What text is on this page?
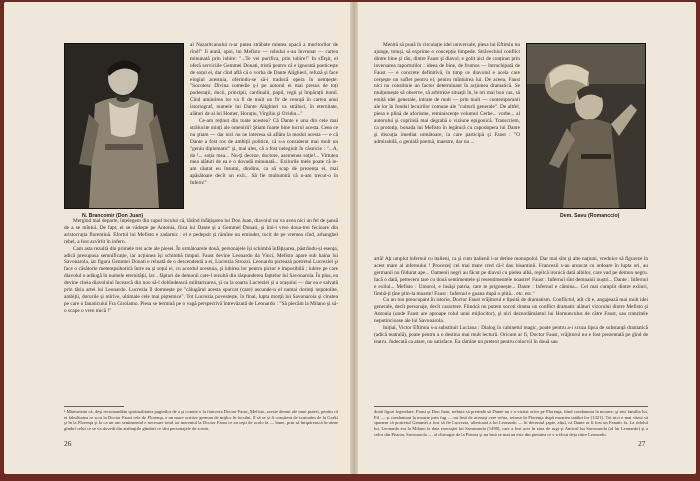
N. Brancomir (Don Juan)

al Nazaritcanului n-ar putea străbate mintea opacă a muritorilor de rînd!" Ii arată, apoi, lui Mefisto — robului s-au învrunat — cartea minunată prin iubire: "...Te vei purifica, prin iubire!" In sfîrşit, el oferă serviciile Gemmei Donati, tristă pentru că e ignorată poeticește de soțul ei, dar cînd află că o vorba de Dante Alighieri, refuză şi face elogiul acestuia, oferindu-se să-i traducă opera în nemțește: "Socotesc Divina comedie ş-i pe autorul ei mai presus de toți podestații, ducii, principii, cardinalii, papii, regii şi împărații lumii. Cînd amintirea lor va fi de mult un fir de cenușă în cartea unui istoriograf, numele lui Dante Alighieri va străluci, în eternitate, alături de al lui Homer, Horațiu, Virgiliu şi Ovidiu..."

Ce-am reținut din toate acestea? Că Dante e una din cele mai strălucite minți ale omenirii? Ştiam foarte bine lucrul acesta. Ceea ce nu ştiam — dar nici nu ne interesa să aflăm la modul acesta — e că Dante a fost ros de ambiții politice, că s-a considerat mai mult un "geniu diplomatic" şi, mai ales, că a fost nelegiuit în căsnicie : "...A, da !... soţia mea... Nu-ţi deceze, doctore, asemenea soţie!... Virtutea mea alături de ea e o dovadă minunată... Exilurile mele poate că le-am căutat eu însumi, dindins, ca să scap de prezența ei, mai apăsătoare decît un exil... Să fie multumită că n-am trecut-o în Infern!"

Merglnd mai departe, înțelegem din capul locului că, lăsînd înfățișarea lui Don Juan, diavolul nu va avea nici un fel de şansă de a se mîntui. De fapt, el se vădește pe Antonia, fiica lui Dante şi a Gemmei Donati, şi îmi-i vreo doua-trei fecioare din aristocrația florentină. Efortul lui Mefisto e zadarnic : el e pedepsit şi rămîne un eminder, tocit de pe vremea cînd, arhanghel rebel, a fost azvîrlit în infern.

Cam asta rezultă din primele trei acte ale piesei. În următoarele două, personajele își schimbă înfățișarea, păstrîndu-și esența, adică presupusa semnificație, iar acțiunea își schimbă timpul. Faust devine Leonardo da Vinci, Mefisto apare sub haina lui Savonarola, iar figura Gemmei Donati e reluată de o descendentă a ei, Lucrezia Strozzi. Leonardo pictează portretul Lucreziei şi face o căsătorie metempsihotică între ea şi soțul ei, cu acordul acestuia, şi iubirea lor pentru pictor e imposibilă ; iubire pe care diavolul o adăugă în numele eternității, iar... făpturi de demonii care-l rezultă din răspunderea faptelor lui Savonarola. În plus, ea devine cheia diavolului încearcă din nou să-l dobîndească militarizarea, și ca la soarta Lucreziei și a orașului — dar ea e salvată prin tăria artei lui Leonardo. Lucrezia îl domnește pe "călugărul acesta spurcat (care) ascunde-n el numai dorinți nepotolite, ambiții, dorurile și mîrîve, ultimale cele mai piștemice". Tot Lucrezia povestește, în final, lupta morții lui Savonarola și cinstea pe care o fanaticului Fra Girolamo. Piesa se termină pe o vagă perspectivă întrevăzută de Leonardo : "Să plecăm la Milano şi să-o scape o vreo mică !"

¹ Mărturisim că, deşi recomandăm spiritualitatea paginilor de a şi comite o la franceza Doctor Faust, Mefisto, aceste demni ale unor puteri, pentru că ei fabulitatea ce scot la Doctor Faust cele de Florenţa, e un mare scriitor german de mijloc în locului, îl să se și fi conștient de scuturăm de la Gorki şi în la Florenţa şi la ca un om sentimental e necesare totul iar inerentul la Doctor Faust ce au ieşit de acolo la — bune, prin să întipărească în-ainte gîndul celui ce se va dovedi din atribuţiile gîndirii ce sînt personajele de scenă.
26

Menită să pună în circulație idei universale, piesa lui Eftimiu nu ajunge, totuși, să exprime o concepție limpede. Străvechiul conflict dintre bine şi rău, dintre Faust şi diavol, e golit aici de conținut prin inversarea raporturilor : ideea de bine, de frumos — întruchipată de Faust — e concrete definitivă, în timp ce diavolul e acela care cerşeşte un suflet pentru el, pentru mîntuirea lui. De aceea, Faust nici nu constituie un factor determinant în acțiunea dramatică. Se mulțumește să observe, să arbitreze situații în, le ori mai bun caz, să emită idei generale, intrate de mult — prin mult — contemporanii ale lor în fondul lecuirilor comune ale "culturii generale". De altfel, piesa e plină de aforisme, reminiscențe volumul Cerbe... vorbe... al autorului şi cuprinsă mai degrabă o viziune epigonică. Transcriem, ca prototip, bonada lui Mefisto în legătură cu capodopera lui Dante şi discuția imediat următoare, la care participă şi Faust : "O admirabilă, o genială poemă, maestre, dar nu ...

Dem. Savu (Romanccio)

artă! Aţi umplut infernul cu italieni, ca şi cum italienii i-ar detine monopolul. Dar mai sînt şi alte naţiuni, vrednice să figureze în acest mare al infernului ! Proceze|| cel mai mare cred că-l dau bisantinii. Francezii s-au aruncat cu ardoare în lupta ori, au germanii nu fiidurat ape... Oamenii negri au făcut pe diavol cu pielea albă, repilcă ironică dată albilor, care vad pe demon negru. Iacă o dată, petrecem tare cu două sentimentele şi resentimentele noastre! Faust : Infernul sînt demnanii nuștri... Dante : Infernul e exilul... Mefisto : Umorol, e însăşi patria, care te prigonește... Dante : Infernul e cămina... Cel mai cumplit dintre exiluri, lîmbă-ți țîne plin-la moarte! Faust : Infernul e goana după o plită... etc. etc."

Cu un ton preocupant în istorie, Doctor Faust vrăjitorul e lipsită de dramatism. Conflictul, atît cît e, angajează mai mult idei generale, decît personaje, decît caractere. Fiindcă nu putem socoti drama un conflict dramatic alături vizorului dintre Mefisto şi Antonia (unde Faust are aproape rolul unui mijlocitor), şi nici deznodământul lui Homunculus de către Faust, sau tranzitele neputincioase ale lui Savonarola.

Inițial, Victor Eftimiu s-a substituit Luciana : Dialog în cabinetul magic, poate pentru a-i scuza lipsa de substanță dramatică (adică teatrală), poate pentru a o destina mai mult lecturii. Oricum ar fi, Doctor Faust, vrăjitorul nu e fost prezentată pe gînd de teatru. Judecată ca atare, nu satisface. Ea rămîne un pretext pentru colocvii în două sau

două figuri legendare, Faust şi Don Juan, trebuia să pretindă să Dante nu e a vizitat orice pe Florenţa, fiind condamnat la moarte, şi nici familia lui, Fil — și condamnat la moarte prin fug — nu însă de aceeaşi cere refuz, retrase în Florenţa după moartea tatălui lor (1321). Tot nici e mai văzut să spunem că portretul Gemmei a fost să fie Lucrezia, ulterioară a lui Leonardo — în deceniul şapte, altul, că Dante ar fi fost un Fanatic la. La ridolul lui, Leonardo era la Milano la data execuţiei lui Savonarola (1498), care a fost ucis în ziua de rugi şi Anticul lui Savonarola (al lui Leonardo) şi a celor din Pistoia, Savonarola — al chirurgie de la Pistoia şi nu însă se mai au este din pietatea ce s-a făcut deja către Leonardo.
27
